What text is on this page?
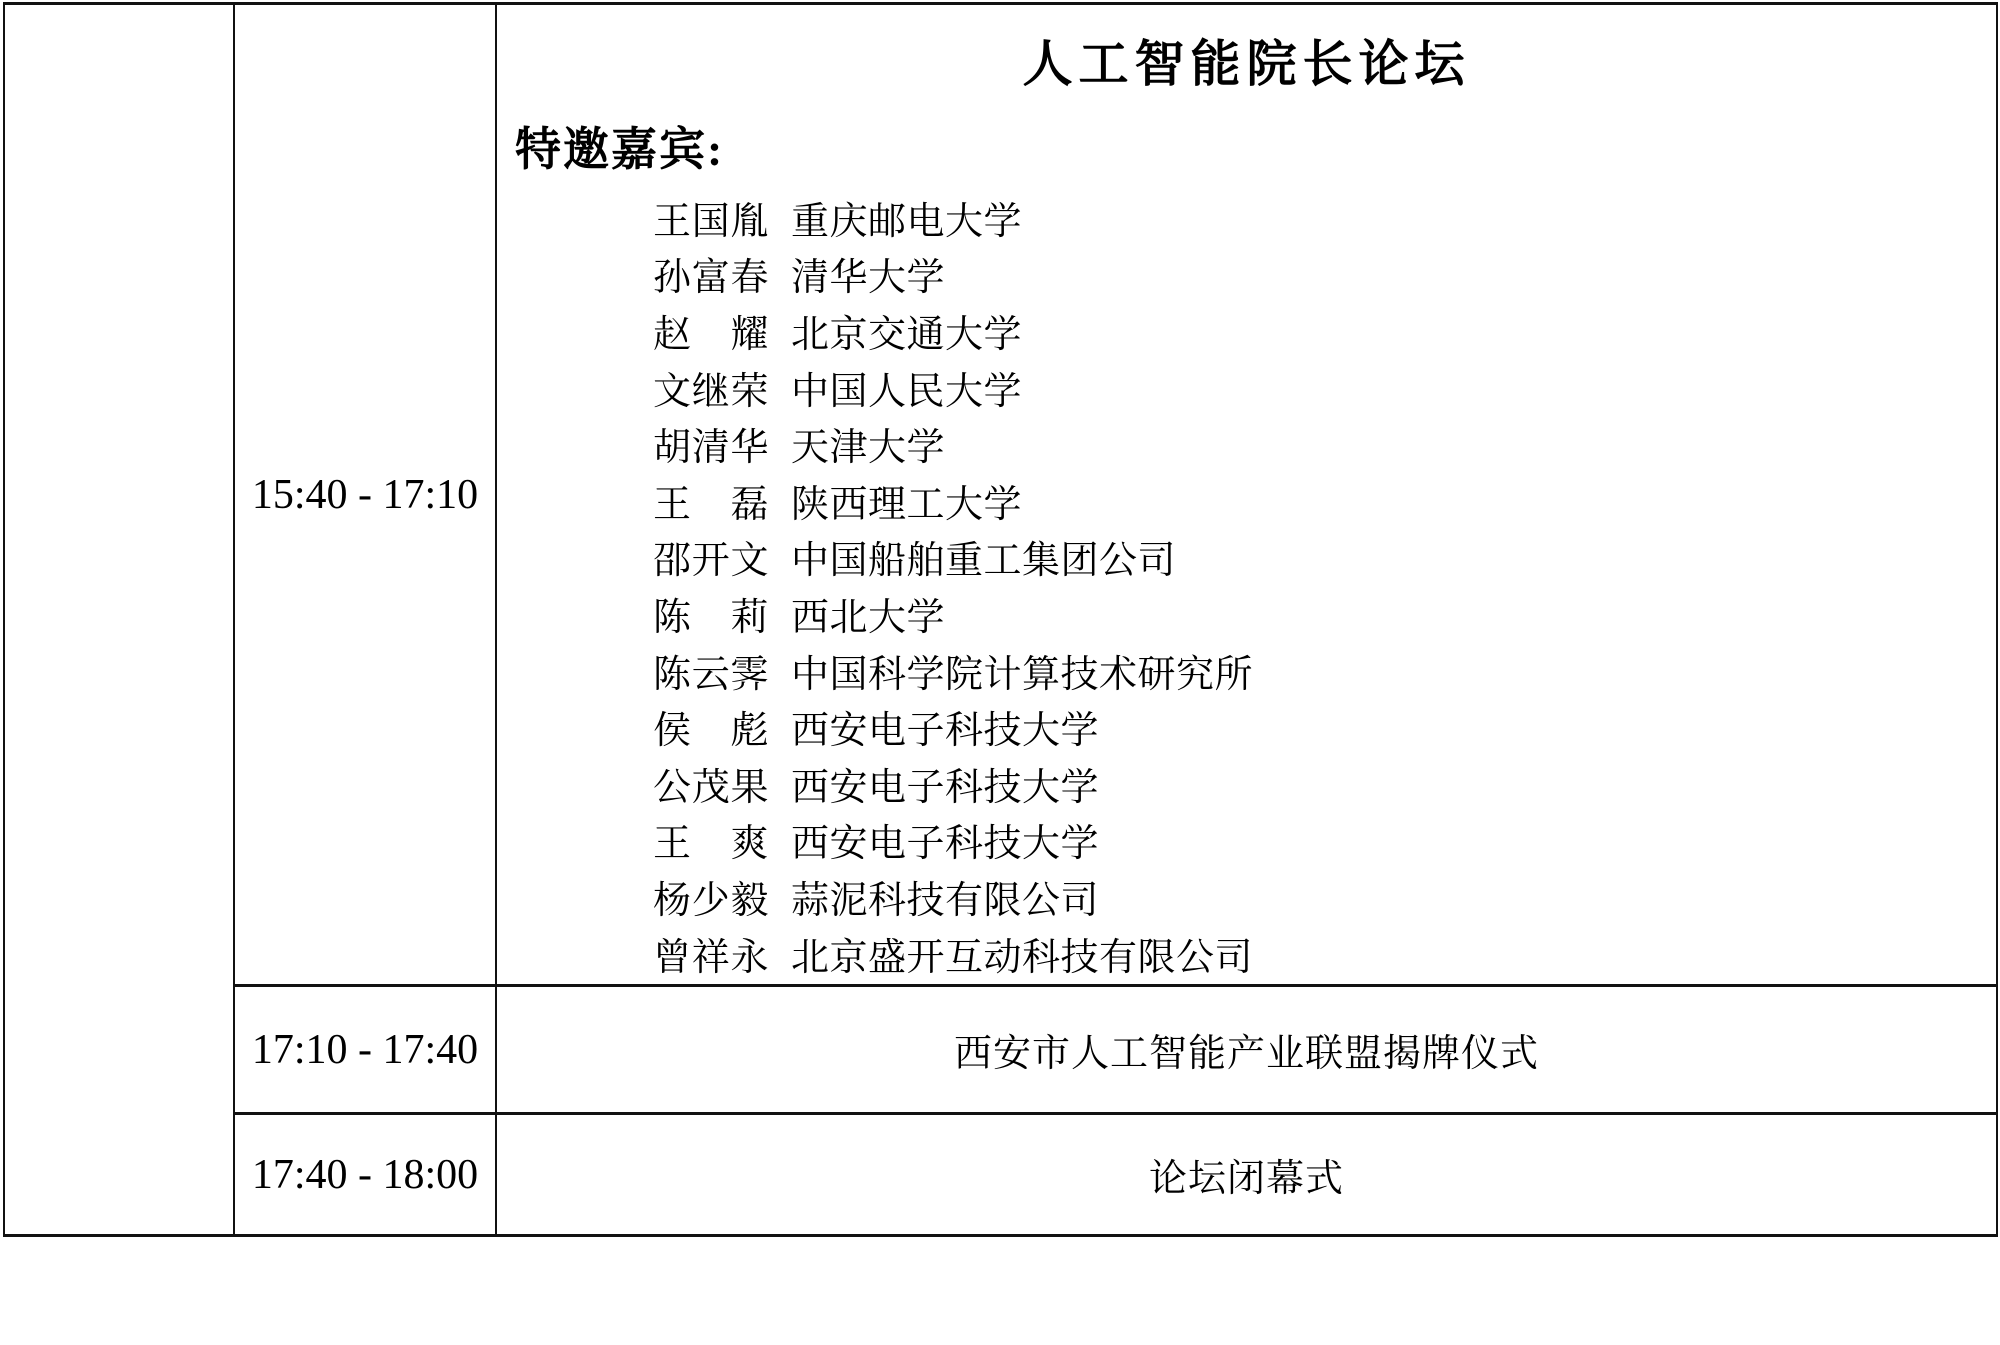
15:40 - 17:10
17:10 - 17:40
17:40 - 18:00
人工智能院长论坛
特邀嘉宾:
王国胤 重庆邮电大学
孙富春 清华大学
赵耀 北京交通大学
文继荣 中国人民大学
胡清华 天津大学
王磊 陕西理工大学
邵开文 中国船舶重工集团公司
陈莉 西北大学
陈云霁 中国科学院计算技术研究所
侯彪 西安电子科技大学
公茂果 西安电子科技大学
王爽 西安电子科技大学
杨少毅 蒜泥科技有限公司
曾祥永 北京盛开互动科技有限公司
西安市人工智能产业联盟揭牌仪式
论坛闭幕式
